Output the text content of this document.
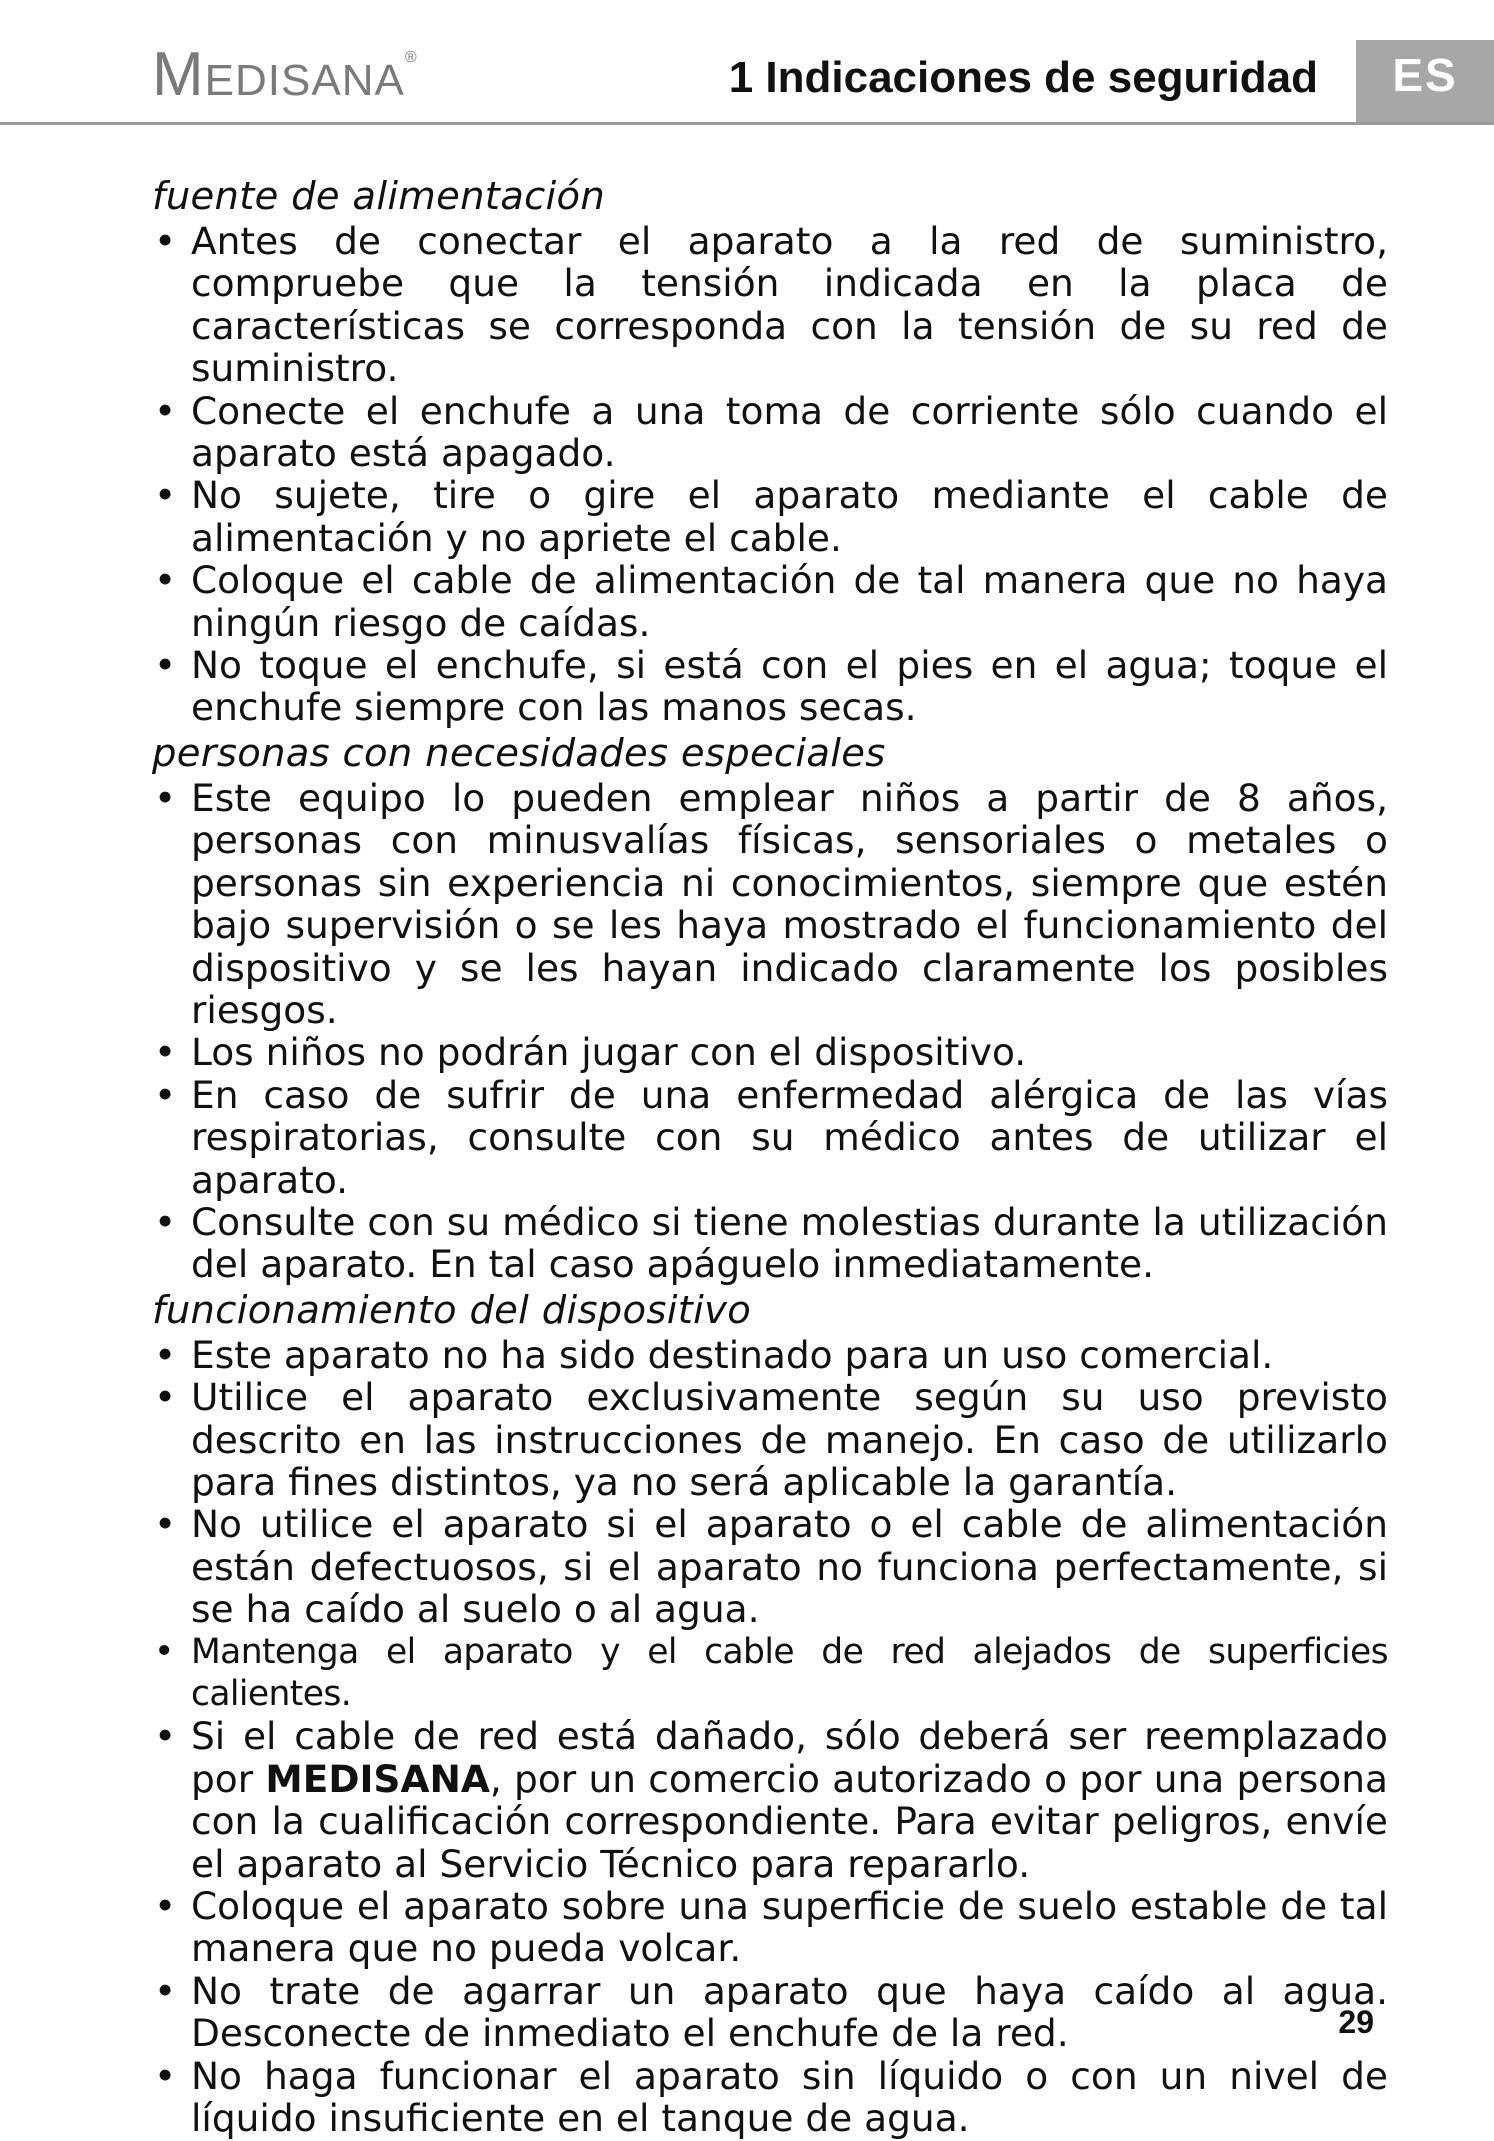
MEDISANA®	1 Indicaciones de seguridad	ES
fuente de alimentación
• Antes de conectar el aparato a la red de suministro, compruebe que la tensión indicada en la placa de características se corresponda con la tensión de su red de suministro.
• Conecte el enchufe a una toma de corriente sólo cuando el aparato está apagado.
• No sujete, tire o gire el aparato mediante el cable de alimentación y no apriete el cable.
• Coloque el cable de alimentación de tal manera que no haya ningún riesgo de caídas.
• No toque el enchufe, si está con el pies en el agua; toque el enchufe siempre con las manos secas.
personas con necesidades especiales
• Este equipo lo pueden emplear niños a partir de 8 años, personas con minusvalías físicas, sensoriales o metales o personas sin experiencia ni conocimientos, siempre que estén bajo supervisión o se les haya mostrado el funcionamiento del dispositivo y se les hayan indicado claramente los posibles riesgos.
• Los niños no podrán jugar con el dispositivo.
• En caso de sufrir de una enfermedad alérgica de las vías respiratorias, consulte con su médico antes de utilizar el aparato.
• Consulte con su médico si tiene molestias durante la utilización del aparato. En tal caso apáguelo inmediatamente.
funcionamiento del dispositivo
• Este aparato no ha sido destinado para un uso comercial.
• Utilice el aparato exclusivamente según su uso previsto descrito en las instrucciones de manejo. En caso de utilizarlo para fines distintos, ya no será aplicable la garantía.
• No utilice el aparato si el aparato o el cable de alimentación están defectuosos, si el aparato no funciona perfectamente, si se ha caído al suelo o al agua.
• Mantenga el aparato y el cable de red alejados de superficies calientes.
• Si el cable de red está dañado, sólo deberá ser reemplazado por MEDISANA, por un comercio autorizado o por una persona con la cualificación correspondiente. Para evitar peligros, envíe el aparato al Servicio Técnico para repararlo.
• Coloque el aparato sobre una superficie de suelo estable de tal manera que no pueda volcar.
• No trate de agarrar un aparato que haya caído al agua. Desconecte de inmediato el enchufe de la red.
• No haga funcionar el aparato sin líquido o con un nivel de líquido insuficiente en el tanque de agua.
29
